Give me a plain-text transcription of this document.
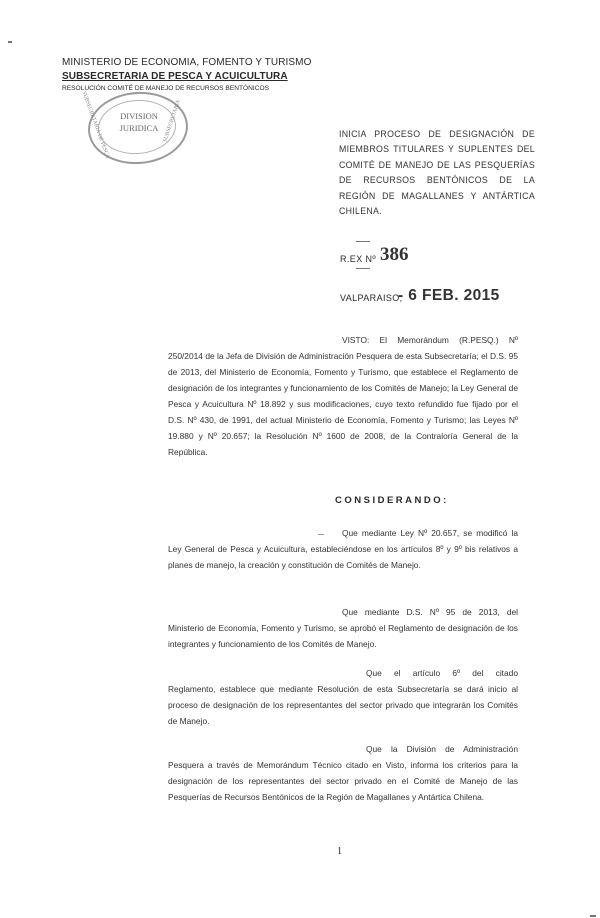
MINISTERIO DE ECONOMIA, FOMENTO Y TURISMO
SUBSECRETARIA DE PESCA Y ACUICULTURA
RESOLUCIÓN COMITÉ DE MANEJO DE RECURSOS BENTÓNICOS
SUBSECRETARIA DE PESCA	SUBSECRETARIA
DIVISION
JURIDICA
INICIA PROCESO DE DESIGNACIÓN DE MIEMBROS TITULARES Y SUPLENTES DEL COMITÉ DE MANEJO DE LAS PESQUERÍAS DE RECURSOS BENTÓNICOS DE LA REGIÓN DE MAGALLANES Y ANTÁRTICA CHILENA.
R.EX Nº 386
VALPARAISO,
- 6 FEB. 2015
VISTO: El Memorándum (R.PESQ.) Nº 250/2014 de la Jefa de División de Administración Pesquera de esta Subsecretaría; el D.S. 95 de 2013, del Ministerio de Economía, Fomento y Turismo, que establece el Reglamento de designación de los integrantes y funcionamiento de los Comités de Manejo; la Ley General de Pesca y Acuicultura Nº 18.892 y sus modificaciones, cuyo texto refundido fue fijado por el D.S. Nº 430, de 1991, del actual Ministerio de Economía, Fomento y Turismo; las Leyes Nº 19.880 y Nº 20.657; la Resolución Nº 1600 de 2008, de la Contraloría General de la República.
CONSIDERANDO:
Que mediante Ley Nº 20.657, se modificó la Ley General de Pesca y Acuicultura, estableciéndose en los artículos 8º y 9º bis relativos a planes de manejo, la creación y constitución de Comités de Manejo.
Que mediante D.S. Nº 95 de 2013, del Ministerio de Economía, Fomento y Turismo, se aprobó el Reglamento de designación de los integrantes y funcionamiento de los Comités de Manejo.
Que el artículo 6º del citado Reglamento, establece que mediante Resolución de esta Subsecretaría se dará inicio al proceso de designación de los representantes del sector privado que integrarán los Comités de Manejo.
Que la División de Administración Pesquera a través de Memorándum Técnico citado en Visto, informa los criterios para la designación de los representantes del sector privado en el Comité de Manejo de las Pesquerías de Recursos Bentónicos de la Región de Magallanes y Antártica Chilena.
1
